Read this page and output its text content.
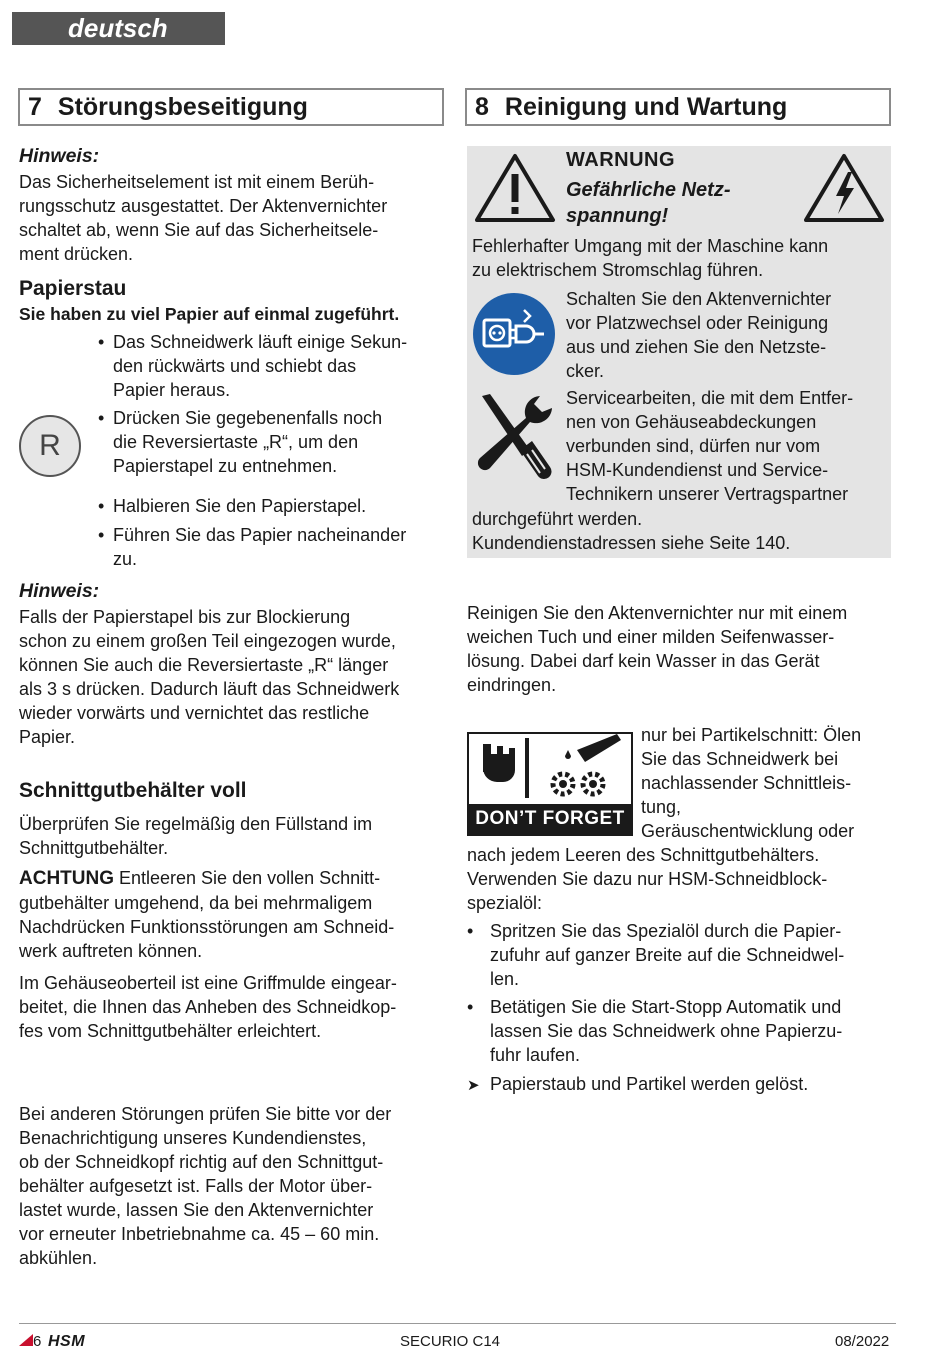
deutsch
7 Störungsbeseitigung
Hinweis:
Das Sicherheitselement ist mit einem Berüh-
rungsschutz ausgestattet. Der Aktenvernichter
schaltet ab, wenn Sie auf das Sicherheitsele-
ment drücken.
Papierstau
Sie haben zu viel Papier auf einmal zugeführt.
• Das Schneidwerk läuft einige Sekun-
den rückwärts und schiebt das
Papier heraus.
• Drücken Sie gegebenenfalls noch
die Reversiertaste „R“, um den
Papierstapel zu entnehmen.
R
• Halbieren Sie den Papierstapel.
• Führen Sie das Papier nacheinander
zu.
Hinweis:
Falls der Papierstapel bis zur Blockierung
schon zu einem großen Teil eingezogen wurde,
können Sie auch die Reversiertaste „R“ länger
als 3 s drücken. Dadurch läuft das Schneidwerk
wieder vorwärts und vernichtet das restliche
Papier.
Schnittgutbehälter voll
Überprüfen Sie regelmäßig den Füllstand im
Schnittgutbehälter.
ACHTUNG Entleeren Sie den vollen Schnitt-
gutbehälter umgehend, da bei mehrmaligem
Nachdrücken Funktionsstörungen am Schneid-
werk auftreten können.
Im Gehäuseoberteil ist eine Griffmulde eingear-
beitet, die Ihnen das Anheben des Schneidkop-
fes vom Schnittgutbehälter erleichtert.
Bei anderen Störungen prüfen Sie bitte vor der
Benachrichtigung unseres Kundendienstes,
ob der Schneidkopf richtig auf den Schnittgut-
behälter aufgesetzt ist. Falls der Motor über-
lastet wurde, lassen Sie den Aktenvernichter
vor erneuter Inbetriebnahme ca. 45 – 60 min.
abkühlen.
8 Reinigung und Wartung
WARNUNG
Gefährliche Netz-
spannung!
Fehlerhafter Umgang mit der Maschine kann
zu elektrischem Stromschlag führen.
Schalten Sie den Aktenvernichter
vor Platzwechsel oder Reinigung
aus und ziehen Sie den Netzste-
cker.
Servicearbeiten, die mit dem Entfer-
nen von Gehäuseabdeckungen
verbunden sind, dürfen nur vom
HSM-Kundendienst und Service-
Technikern unserer Vertragspartner
durchgeführt werden.
Kundendienstadressen siehe Seite 140.
Reinigen Sie den Aktenvernichter nur mit einem
weichen Tuch und einer milden Seifenwasser-
lösung. Dabei darf kein Wasser in das Gerät
eindringen.
DON’T FORGET
nur bei Partikelschnitt: Ölen
Sie das Schneidwerk bei
nachlassender Schnittleis-
tung,
Geräuschentwicklung oder
nach jedem Leeren des Schnittgutbehälters.
Verwenden Sie dazu nur HSM-Schneidblock-
spezialöl:
• Spritzen Sie das Spezialöl durch die Papier-
zufuhr auf ganzer Breite auf die Schneidwel-
len.
• Betätigen Sie die Start-Stopp Automatik und
lassen Sie das Schneidwerk ohne Papierzu-
fuhr laufen.
➤ Papierstaub und Partikel werden gelöst.
6 HSM	SECURIO C14	08/2022
